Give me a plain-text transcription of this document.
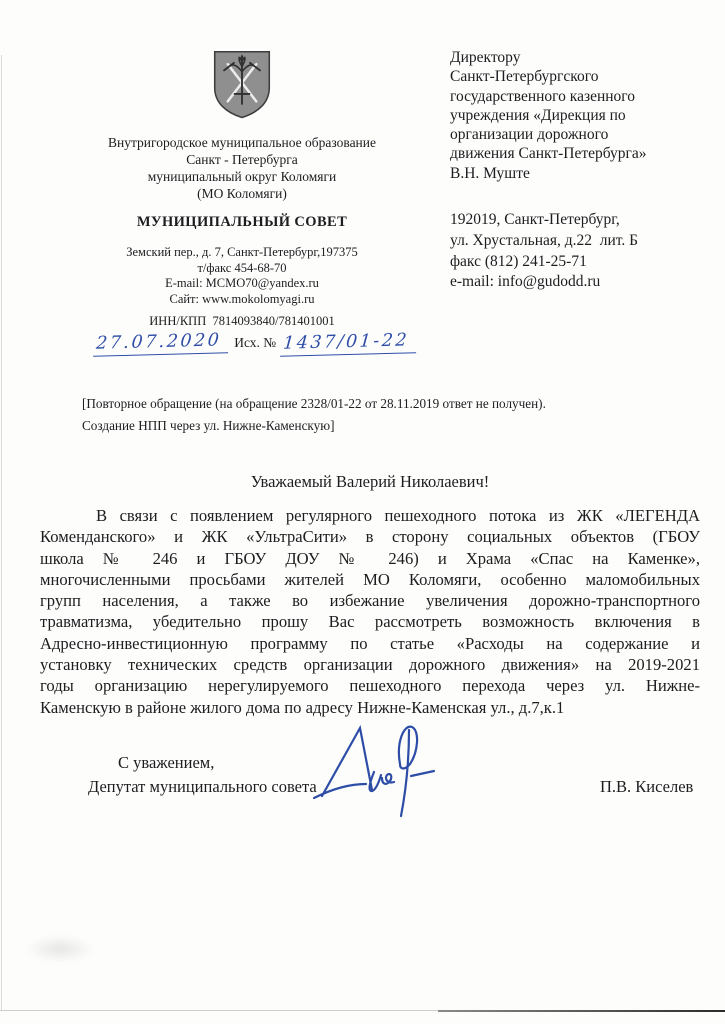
Внутригородское муниципальное образование
Санкт - Петербурга
муниципальный округ Коломяги
(МО Коломяги)
МУНИЦИПАЛЬНЫЙ СОВЕТ
Земский пер., д. 7, Санкт-Петербург,197375
т/факс 454-68-70
E-mail: MCMO70@yandex.ru
Сайт: www.mokolomyagi.ru
ИНН/КПП  7814093840/781401001
27.07.2020 Исх. № 1437/01-22
Директору
Санкт-Петербургского
государственного казенного
учреждения «Дирекция по
организации дорожного
движения Санкт-Петербурга»
В.Н. Муште
192019, Санкт-Петербург,
ул. Хрустальная, д.22  лит. Б
факс (812) 241-25-71
e-mail: info@gudodd.ru
[Повторное обращение (на обращение 2328/01-22 от 28.11.2019 ответ не получен).
Создание НПП через ул. Нижне-Каменскую]
Уважаемый Валерий Николаевич!
В связи с появлением регулярного пешеходного потока из ЖК «ЛЕГЕНДА
Коменданского» и ЖК «УльтраСити» в сторону социальных объектов (ГБОУ
школа № 246 и ГБОУ ДОУ № 246) и Храма «Спас на Каменке»,
многочисленными просьбами жителей МО Коломяги, особенно маломобильных
групп населения, а также во избежание увеличения дорожно-транспортного
травматизма, убедительно прошу Вас рассмотреть возможность включения в
Адресно-инвестиционную программу по статье «Расходы на содержание и
установку технических средств организации дорожного движения» на 2019-2021
годы организацию нерегулируемого пешеходного перехода через ул. Нижне-
Каменскую в районе жилого дома по адресу Нижне-Каменская ул., д.7,к.1
С уважением,
Депутат муниципального совета	П.В. Киселев
